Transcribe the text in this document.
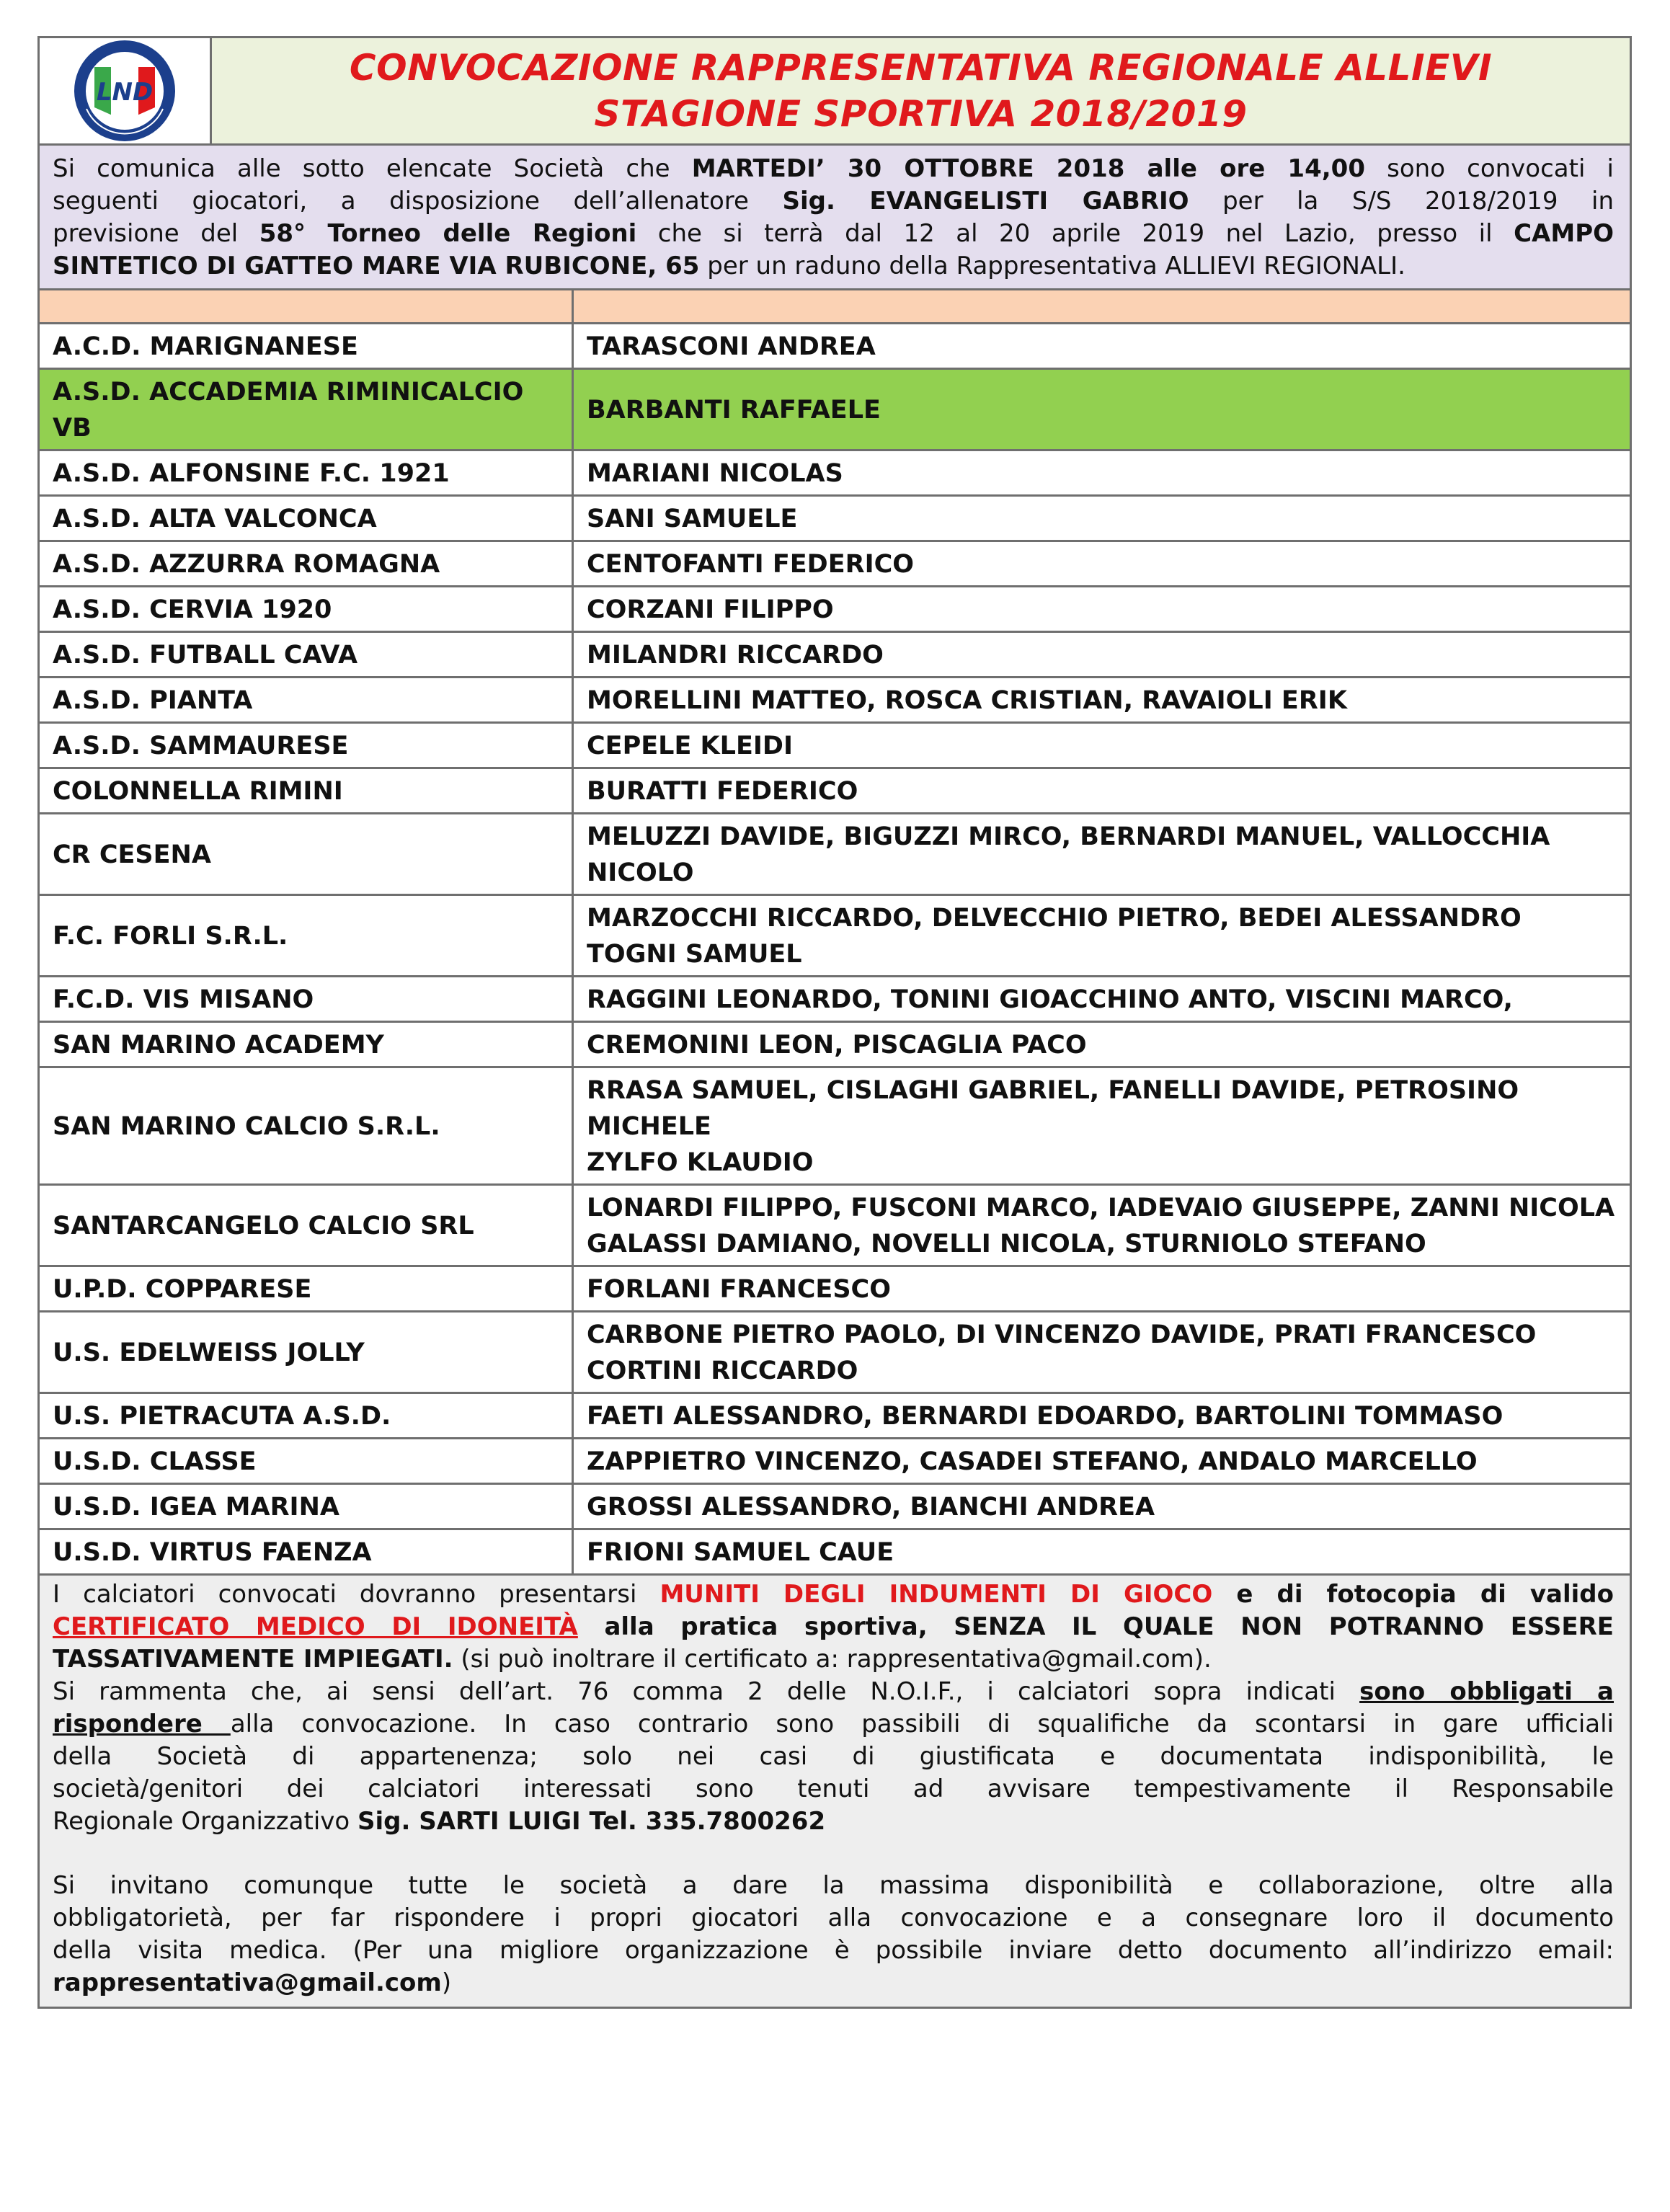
LND
CONVOCAZIONE RAPPRESENTATIVA REGIONALE ALLIEVI
STAGIONE SPORTIVA 2018/2019
Si comunica alle sotto elencate Società che MARTEDI’ 30 OTTOBRE 2018 alle ore 14,00 sono convocati i
seguenti giocatori, a disposizione dell’allenatore Sig. EVANGELISTI GABRIO per la S/S 2018/2019 in
previsione del 58° Torneo delle Regioni che si terrà dal 12 al 20 aprile 2019 nel Lazio, presso il CAMPO
SINTETICO DI GATTEO MARE VIA RUBICONE, 65 per un raduno della Rappresentativa ALLIEVI REGIONALI.
A.C.D. MARIGNANESE	TARASCONI ANDREA

A.S.D. ACCADEMIA RIMINICALCIO VB	BARBANTI RAFFAELE

A.S.D. ALFONSINE F.C. 1921	MARIANI NICOLAS

A.S.D. ALTA VALCONCA	SANI SAMUELE

A.S.D. AZZURRA ROMAGNA	CENTOFANTI FEDERICO

A.S.D. CERVIA 1920	CORZANI FILIPPO

A.S.D. FUTBALL CAVA	MILANDRI RICCARDO

A.S.D. PIANTA	MORELLINI MATTEO, ROSCA CRISTIAN, RAVAIOLI ERIK

A.S.D. SAMMAURESE	CEPELE KLEIDI

COLONNELLA RIMINI	BURATTI FEDERICO

CR CESENA	MELUZZI DAVIDE, BIGUZZI MIRCO, BERNARDI MANUEL, VALLOCCHIA NICOLO

F.C. FORLI S.R.L.	MARZOCCHI RICCARDO, DELVECCHIO PIETRO, BEDEI ALESSANDRO
TOGNI SAMUEL

F.C.D. VIS MISANO	RAGGINI LEONARDO, TONINI GIOACCHINO ANTO, VISCINI MARCO,

SAN MARINO ACADEMY	CREMONINI LEON, PISCAGLIA PACO

SAN MARINO CALCIO S.R.L.	RRASA SAMUEL, CISLAGHI GABRIEL, FANELLI DAVIDE, PETROSINO MICHELE
ZYLFO KLAUDIO

SANTARCANGELO CALCIO SRL	LONARDI FILIPPO, FUSCONI MARCO, IADEVAIO GIUSEPPE, ZANNI NICOLA
GALASSI DAMIANO, NOVELLI NICOLA, STURNIOLO STEFANO

U.P.D. COPPARESE	FORLANI FRANCESCO

U.S. EDELWEISS JOLLY	CARBONE PIETRO PAOLO, DI VINCENZO DAVIDE, PRATI FRANCESCO
CORTINI RICCARDO

U.S. PIETRACUTA A.S.D.	FAETI ALESSANDRO, BERNARDI EDOARDO, BARTOLINI TOMMASO

U.S.D. CLASSE	ZAPPIETRO VINCENZO, CASADEI STEFANO, ANDALO MARCELLO

U.S.D. IGEA MARINA	GROSSI ALESSANDRO, BIANCHI ANDREA

U.S.D. VIRTUS FAENZA	FRIONI SAMUEL CAUE
I calciatori convocati dovranno presentarsi MUNITI DEGLI INDUMENTI DI GIOCO e di fotocopia di valido
CERTIFICATO MEDICO DI IDONEITÀ alla pratica sportiva, SENZA IL QUALE NON POTRANNO ESSERE
TASSATIVAMENTE IMPIEGATI. (si può inoltrare il certificato a: rappresentativa@gmail.com).
Si rammenta che, ai sensi dell’art. 76 comma 2 delle N.O.I.F., i calciatori sopra indicati sono obbligati a
rispondere alla convocazione. In caso contrario sono passibili di squalifiche da scontarsi in gare ufficiali
della Società di appartenenza; solo nei casi di giustificata e documentata indisponibilità, le
società/genitori dei calciatori interessati sono tenuti ad avvisare tempestivamente il Responsabile
Regionale Organizzativo Sig. SARTI LUIGI Tel. 335.7800262
Si invitano comunque tutte le società a dare la massima disponibilità e collaborazione, oltre alla
obbligatorietà, per far rispondere i propri giocatori alla convocazione e a consegnare loro il documento
della visita medica. (Per una migliore organizzazione è possibile inviare detto documento all’indirizzo email:
rappresentativa@gmail.com)
